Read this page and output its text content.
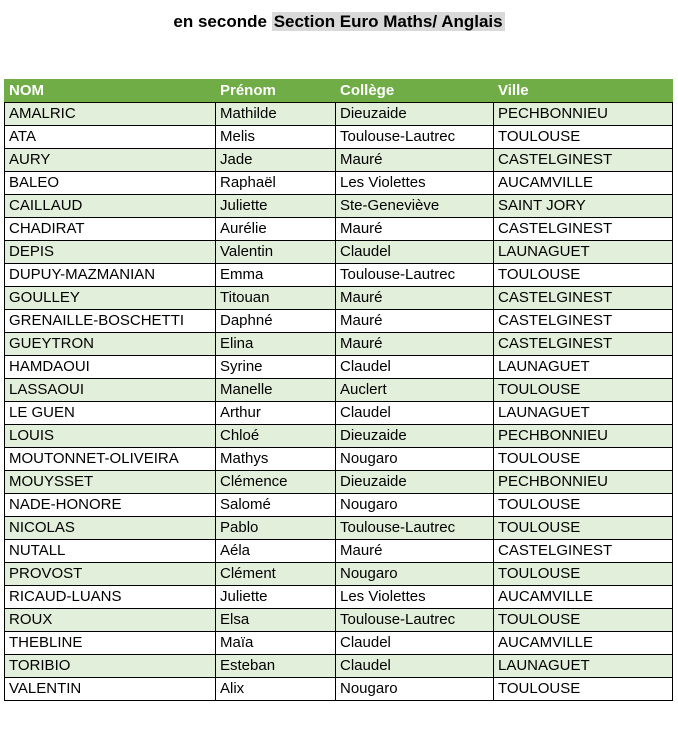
en seconde Section Euro Maths/ Anglais
NOM	Prénom	Collège	Ville
AMALRIC	Mathilde	Dieuzaide	PECHBONNIEU
ATA	Melis	Toulouse-Lautrec	TOULOUSE
AURY	Jade	Mauré	CASTELGINEST
BALEO	Raphaël	Les Violettes	AUCAMVILLE
CAILLAUD	Juliette	Ste-Geneviève	SAINT JORY
CHADIRAT	Aurélie	Mauré	CASTELGINEST
DEPIS	Valentin	Claudel	LAUNAGUET
DUPUY-MAZMANIAN	Emma	Toulouse-Lautrec	TOULOUSE
GOULLEY	Titouan	Mauré	CASTELGINEST
GRENAILLE-BOSCHETTI	Daphné	Mauré	CASTELGINEST
GUEYTRON	Elina	Mauré	CASTELGINEST
HAMDAOUI	Syrine	Claudel	LAUNAGUET
LASSAOUI	Manelle	Auclert	TOULOUSE
LE GUEN	Arthur	Claudel	LAUNAGUET
LOUIS	Chloé	Dieuzaide	PECHBONNIEU
MOUTONNET-OLIVEIRA	Mathys	Nougaro	TOULOUSE
MOUYSSET	Clémence	Dieuzaide	PECHBONNIEU
NADE-HONORE	Salomé	Nougaro	TOULOUSE
NICOLAS	Pablo	Toulouse-Lautrec	TOULOUSE
NUTALL	Aéla	Mauré	CASTELGINEST
PROVOST	Clément	Nougaro	TOULOUSE
RICAUD-LUANS	Juliette	Les Violettes	AUCAMVILLE
ROUX	Elsa	Toulouse-Lautrec	TOULOUSE
THEBLINE	Maïa	Claudel	AUCAMVILLE
TORIBIO	Esteban	Claudel	LAUNAGUET
VALENTIN	Alix	Nougaro	TOULOUSE
